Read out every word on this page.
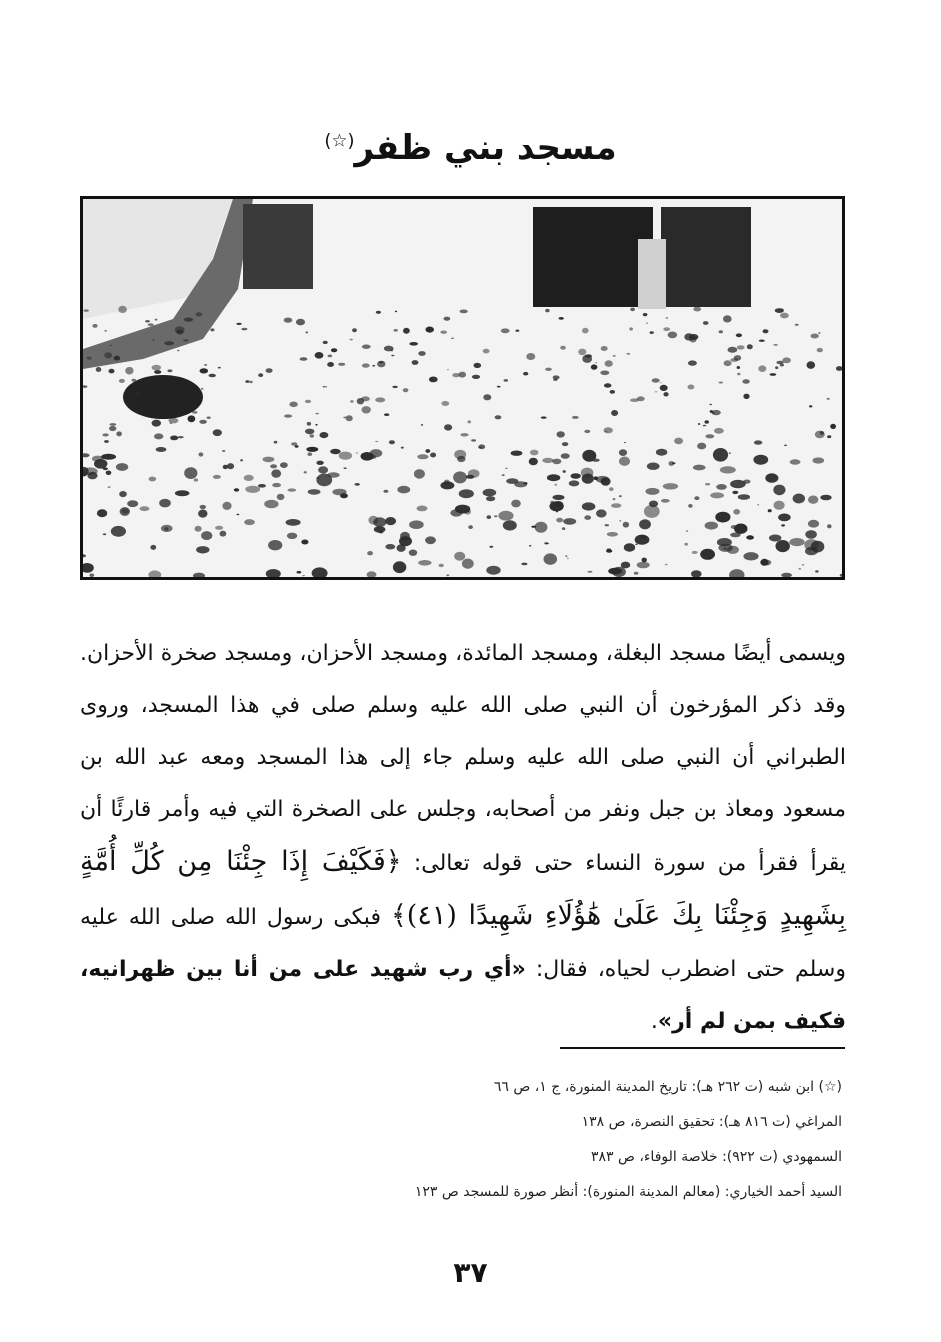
مسجد بني ظفر(☆)

ويسمى أيضًا مسجد البغلة، ومسجد المائدة، ومسجد الأحزان، ومسجد صخرة الأحزان. وقد ذكر المؤرخون أن النبي صلى الله عليه وسلم صلى في هذا المسجد، وروى الطبراني أن النبي صلى الله عليه وسلم جاء إلى هذا المسجد ومعه عبد الله بن مسعود ومعاذ بن جبل ونفر من أصحابه، وجلس على الصخرة التي فيه وأمر قارئًا أن يقرأ فقرأ من سورة النساء حتى قوله تعالى: ﴿فَكَيْفَ إِذَا جِئْنَا مِن كُلِّ أُمَّةٍ بِشَهِيدٍ وَجِئْنَا بِكَ عَلَىٰ هَٰؤُلَاءِ شَهِيدًا (٤١)﴾ فبكى رسول الله صلى الله عليه وسلم حتى اضطرب لحياه، فقال: «أي رب شهيد على من أنا بين ظهرانيه، فكيف بمن لم أر».

(☆) ابن شبه (ت ٢٦٢ هـ): تاريخ المدينة المنورة، ج ١، ص ٦٦
المراغي (ت ٨١٦ هـ): تحقيق النصرة، ص ١٣٨
السمهودي (ت ٩٢٢): خلاصة الوفاء، ص ٣٨٣
السيد أحمد الخياري: (معالم المدينة المنورة): أنظر صورة للمسجد ص ١٢٣
٣٧
